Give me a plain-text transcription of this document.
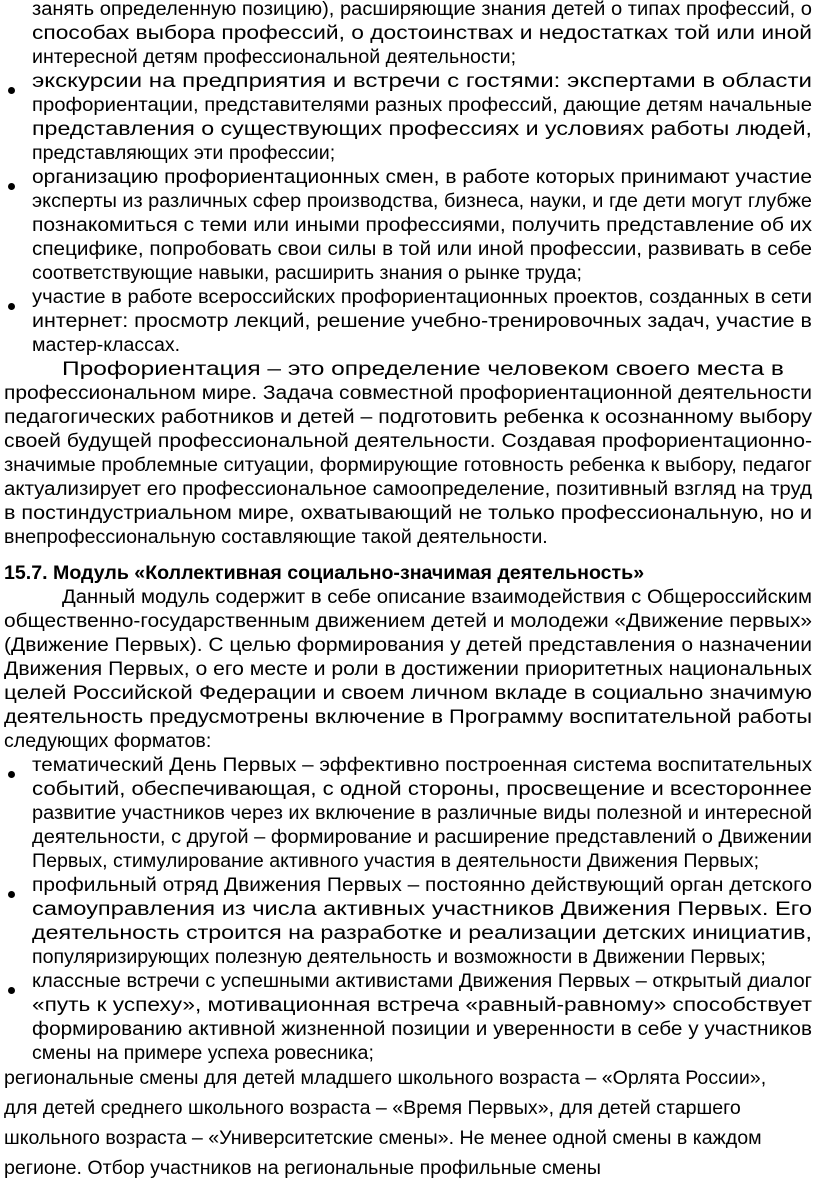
занять определенную позицию), расширяющие знания детей о типах профессий, о
способах выбора профессий, о достоинствах и недостатках той или иной
интересной детям профессиональной деятельности;
экскурсии на предприятия и встречи с гостями: экспертами в области
профориентации, представителями разных профессий, дающие детям начальные
представления о существующих профессиях и условиях работы людей,
представляющих эти профессии;
организацию профориентационных смен, в работе которых принимают участие
эксперты из различных сфер производства, бизнеса, науки, и где дети могут глубже
познакомиться с теми или иными профессиями, получить представление об их
специфике, попробовать свои силы в той или иной профессии, развивать в себе
соответствующие навыки, расширить знания о рынке труда;
участие в работе всероссийских профориентационных проектов, созданных в сети
интернет: просмотр лекций, решение учебно-тренировочных задач, участие в
мастер-классах.
Профориентация – это определение человеком своего места в
профессиональном мире. Задача совместной профориентационной деятельности
педагогических работников и детей – подготовить ребенка к осознанному выбору
своей будущей профессиональной деятельности. Создавая профориентационно-
значимые проблемные ситуации, формирующие готовность ребенка к выбору, педагог
актуализирует его профессиональное самоопределение, позитивный взгляд на труд
в постиндустриальном мире, охватывающий не только профессиональную, но и
внепрофессиональную составляющие такой деятельности.
15.7. Модуль «Коллективная социально-значимая деятельность»
Данный модуль содержит в себе описание взаимодействия с Общероссийским
общественно-государственным движением детей и молодежи «Движение первых»
(Движение Первых). С целью формирования у детей представления о назначении
Движения Первых, о его месте и роли в достижении приоритетных национальных
целей Российской Федерации и своем личном вкладе в социально значимую
деятельность предусмотрены включение в Программу воспитательной работы
следующих форматов:
тематический День Первых – эффективно построенная система воспитательных
событий, обеспечивающая, с одной стороны, просвещение и всестороннее
развитие участников через их включение в различные виды полезной и интересной
деятельности, с другой – формирование и расширение представлений о Движении
Первых, стимулирование активного участия в деятельности Движения Первых;
профильный отряд Движения Первых – постоянно действующий орган детского
самоуправления из числа активных участников Движения Первых. Его
деятельность строится на разработке и реализации детских инициатив,
популяризирующих полезную деятельность и возможности в Движении Первых;
классные встречи с успешными активистами Движения Первых – открытый диалог
«путь к успеху», мотивационная встреча «равный-равному» способствует
формированию активной жизненной позиции и уверенности в себе у участников
смены на примере успеха ровесника;
региональные смены для детей младшего школьного возраста – «Орлята России»,
для детей среднего школьного возраста – «Время Первых», для детей старшего
школьного возраста – «Университетские смены». Не менее одной смены в каждом
регионе. Отбор участников на региональные профильные смены
